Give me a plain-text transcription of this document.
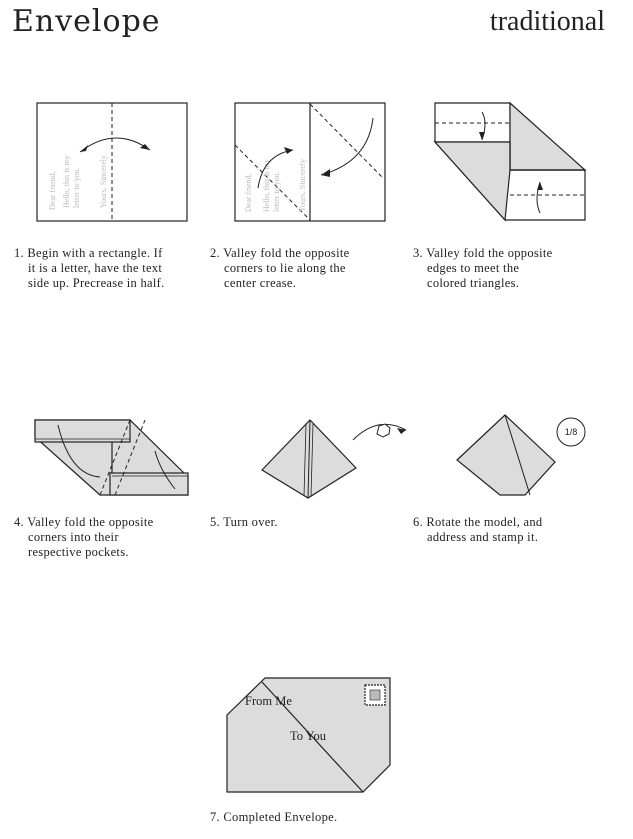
Envelope	traditional
Dear friend, Hello, this is my letter to you. Yours, Sincerely	Dear friend, Hello, this is my letter to you. Yours, Sincerely
1/8
From Me
To You
1. Begin with a rectangle. If
it is a letter, have the text
side up. Precrease in half.
2. Valley fold the opposite
corners to lie along the
center crease.
3. Valley fold the opposite
edges to meet the
colored triangles.
4. Valley fold the opposite
corners into their
respective pockets.
5. Turn over.	6. Rotate the model, and
address and stamp it.
7. Completed Envelope.
